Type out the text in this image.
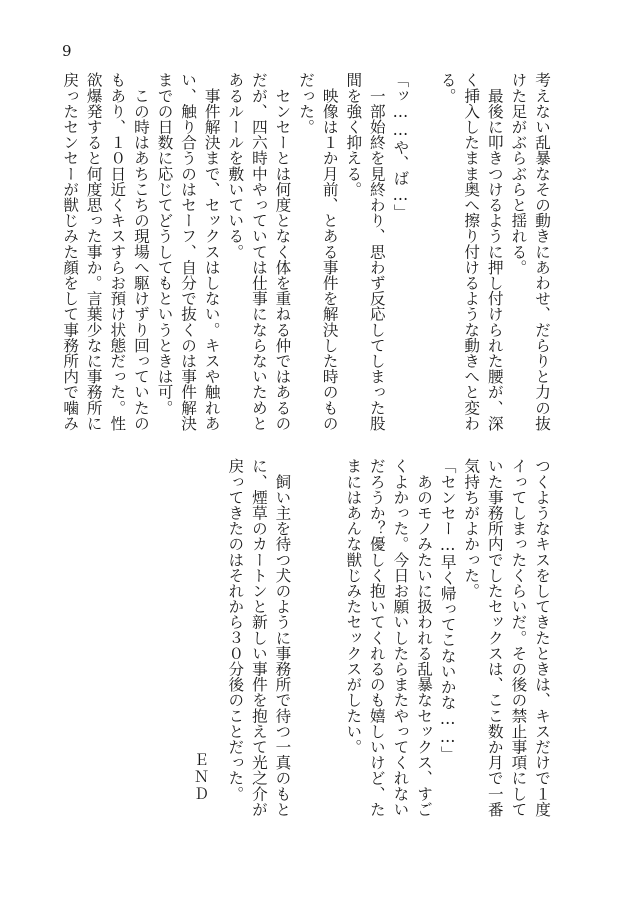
9
考えない乱暴なその動きにあわせ、だらりと力の抜
けた足がぶらぶらと揺れる。
　最後に叩きつけるように押し付けられた腰が、深
く挿入したまま奥へ擦り付けるような動きへと変わ
る。

「ッ……や、ば…」
　一部始終を見終わり、思わず反応してしまった股
間を強く抑える。
　映像は１か月前、とある事件を解決した時のもの
だった。
　センセーとは何度となく体を重ねる仲ではあるの
だが、四六時中やっていては仕事にならないためと
あるルールを敷いている。
　事件解決まで、セックスはしない。キスや触れあ
い、触り合うのはセーフ、自分で抜くのは事件解決
までの日数に応じてどうしてもというときは可。
　この時はあちこちの現場へ駆けずり回っていたの
もあり、１０日近くキスすらお預け状態だった。性
欲爆発すると何度思った事か。言葉少なに事務所に
戻ったセンセーが獣じみた顔をして事務所内で噛み
つくようなキスをしてきたときは、キスだけで１度
イってしまったくらいだ。その後の禁止事項にして
いた事務所内でしたセックスは、ここ数か月で一番
気持ちがよかった。
「センセー…早く帰ってこないかな……」
　あのモノみたいに扱われる乱暴なセックス、すご
くよかった。今日お願いしたらまたやってくれない
だろうか？優しく抱いてくれるのも嬉しいけど、た
まにはあんな獣じみたセックスがしたい。

　飼い主を待つ犬のように事務所で待つ一真のもと
に、煙草のカートンと新しい事件を抱えて光之介が
戻ってきたのはそれから３０分後のことだった。
ＥＮＤ
